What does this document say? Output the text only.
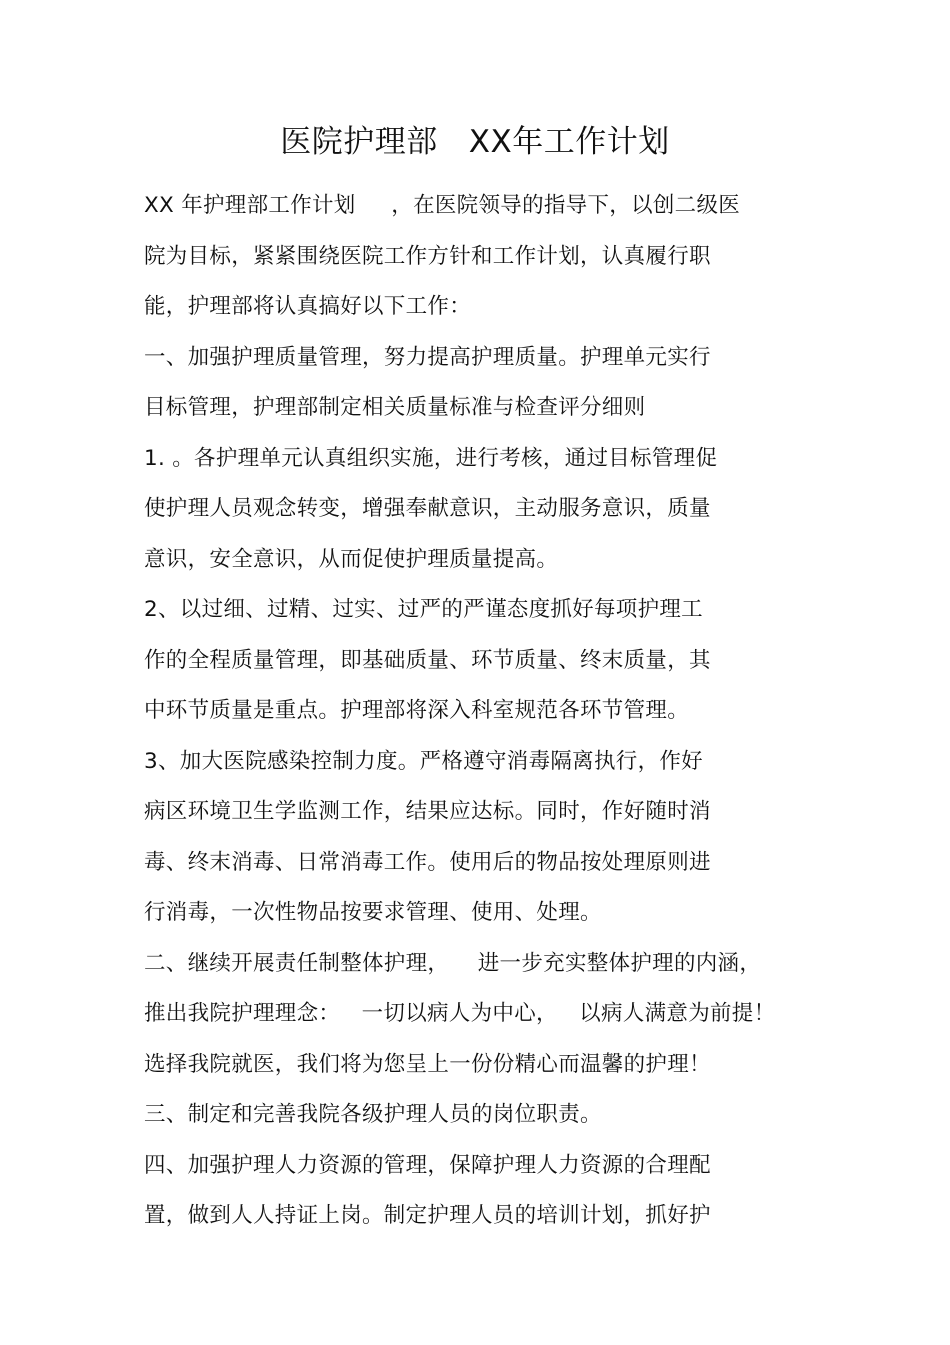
医院护理部   XX年工作计划
XX 年护理部工作计划     ，在医院领导的指导下，以创二级医
院为目标，紧紧围绕医院工作方针和工作计划，认真履行职
能，护理部将认真搞好以下工作：
一、加强护理质量管理，努力提高护理质量。护理单元实行
目标管理，护理部制定相关质量标准与检查评分细则
1. 。各护理单元认真组织实施，进行考核，通过目标管理促
使护理人员观念转变，增强奉献意识，主动服务意识，质量
意识，安全意识，从而促使护理质量提高。
2、以过细、过精、过实、过严的严谨态度抓好每项护理工
作的全程质量管理，即基础质量、环节质量、终末质量，其
中环节质量是重点。护理部将深入科室规范各环节管理。
3、加大医院感染控制力度。严格遵守消毒隔离执行，作好
病区环境卫生学监测工作，结果应达标。同时，作好随时消
毒、终末消毒、日常消毒工作。使用后的物品按处理原则进
行消毒，一次性物品按要求管理、使用、处理。
二、继续开展责任制整体护理，    进一步充实整体护理的内涵，
推出我院护理理念：   一切以病人为中心，   以病人满意为前提！
选择我院就医，我们将为您呈上一份份精心而温馨的护理！
三、制定和完善我院各级护理人员的岗位职责。
四、加强护理人力资源的管理，保障护理人力资源的合理配
置，做到人人持证上岗。制定护理人员的培训计划，抓好护
